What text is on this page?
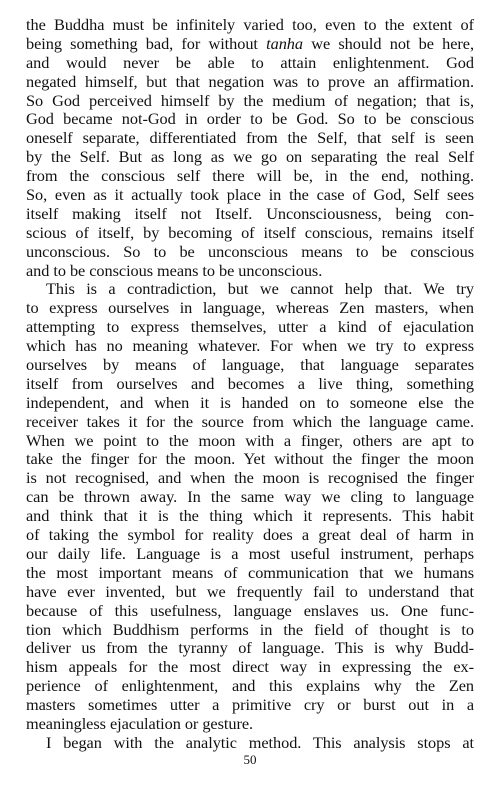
the Buddha must be infinitely varied too, even to the extent of
being something bad, for without tanha we should not be here,
and would never be able to attain enlightenment. God
negated himself, but that negation was to prove an affirmation.
So God perceived himself by the medium of negation; that is,
God became not-God in order to be God. So to be conscious
oneself separate, differentiated from the Self, that self is seen
by the Self. But as long as we go on separating the real Self
from the conscious self there will be, in the end, nothing.
So, even as it actually took place in the case of God, Self sees
itself making itself not Itself. Unconsciousness, being con-
scious of itself, by becoming of itself conscious, remains itself
unconscious. So to be unconscious means to be conscious
and to be conscious means to be unconscious.
This is a contradiction, but we cannot help that. We try
to express ourselves in language, whereas Zen masters, when
attempting to express themselves, utter a kind of ejaculation
which has no meaning whatever. For when we try to express
ourselves by means of language, that language separates
itself from ourselves and becomes a live thing, something
independent, and when it is handed on to someone else the
receiver takes it for the source from which the language came.
When we point to the moon with a finger, others are apt to
take the finger for the moon. Yet without the finger the moon
is not recognised, and when the moon is recognised the finger
can be thrown away. In the same way we cling to language
and think that it is the thing which it represents. This habit
of taking the symbol for reality does a great deal of harm in
our daily life. Language is a most useful instrument, perhaps
the most important means of communication that we humans
have ever invented, but we frequently fail to understand that
because of this usefulness, language enslaves us. One func-
tion which Buddhism performs in the field of thought is to
deliver us from the tyranny of language. This is why Budd-
hism appeals for the most direct way in expressing the ex-
perience of enlightenment, and this explains why the Zen
masters sometimes utter a primitive cry or burst out in a
meaningless ejaculation or gesture.
I began with the analytic method. This analysis stops at
50
